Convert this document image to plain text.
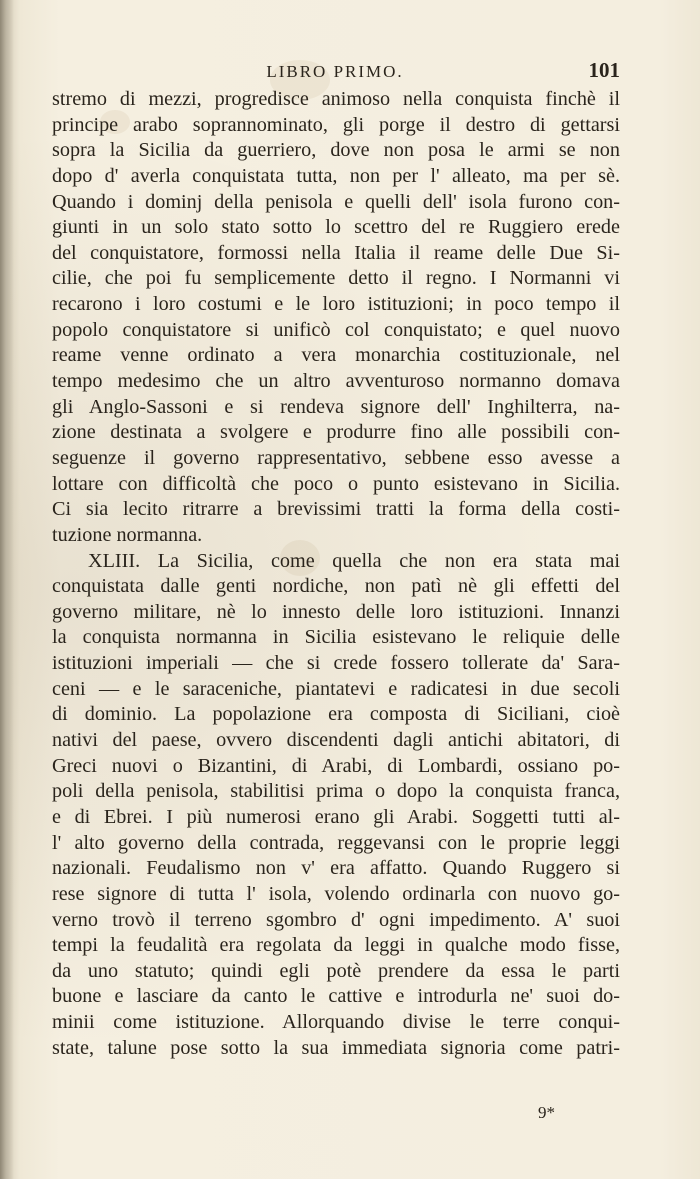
LIBRO PRIMO.	101
stremo di mezzi, progredisce animoso nella conquista finchè il
principe arabo soprannominato, gli porge il destro di gettarsi
sopra la Sicilia da guerriero, dove non posa le armi se non
dopo d' averla conquistata tutta, non per l' alleato, ma per sè.
Quando i dominj della penisola e quelli dell' isola furono con-
giunti in un solo stato sotto lo scettro del re Ruggiero erede
del conquistatore, formossi nella Italia il reame delle Due Si-
cilie, che poi fu semplicemente detto il regno. I Normanni vi
recarono i loro costumi e le loro istituzioni; in poco tempo il
popolo conquistatore si unificò col conquistato; e quel nuovo
reame venne ordinato a vera monarchia costituzionale, nel
tempo medesimo che un altro avventuroso normanno domava
gli Anglo-Sassoni e si rendeva signore dell' Inghilterra, na-
zione destinata a svolgere e produrre fino alle possibili con-
seguenze il governo rappresentativo, sebbene esso avesse a
lottare con difficoltà che poco o punto esistevano in Sicilia.
Ci sia lecito ritrarre a brevissimi tratti la forma della costi-
tuzione normanna.
XLIII. La Sicilia, come quella che non era stata mai
conquistata dalle genti nordiche, non patì nè gli effetti del
governo militare, nè lo innesto delle loro istituzioni. Innanzi
la conquista normanna in Sicilia esistevano le reliquie delle
istituzioni imperiali — che si crede fossero tollerate da' Sara-
ceni — e le saraceniche, piantatevi e radicatesi in due secoli
di dominio. La popolazione era composta di Siciliani, cioè
nativi del paese, ovvero discendenti dagli antichi abitatori, di
Greci nuovi o Bizantini, di Arabi, di Lombardi, ossiano po-
poli della penisola, stabilitisi prima o dopo la conquista franca,
e di Ebrei. I più numerosi erano gli Arabi. Soggetti tutti al-
l' alto governo della contrada, reggevansi con le proprie leggi
nazionali. Feudalismo non v' era affatto. Quando Ruggero si
rese signore di tutta l' isola, volendo ordinarla con nuovo go-
verno trovò il terreno sgombro d' ogni impedimento. A' suoi
tempi la feudalità era regolata da leggi in qualche modo fisse,
da uno statuto; quindi egli potè prendere da essa le parti
buone e lasciare da canto le cattive e introdurla ne' suoi do-
minii come istituzione. Allorquando divise le terre conqui-
state, talune pose sotto la sua immediata signoria come patri-
9*
